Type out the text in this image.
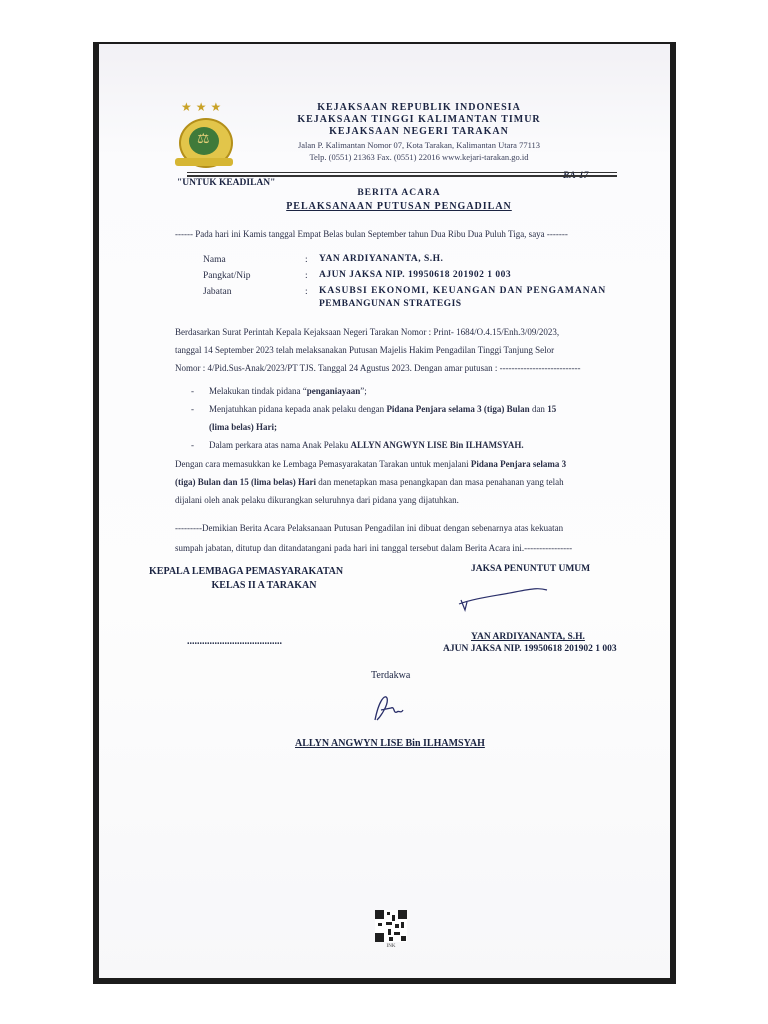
★★★
⚖
KEJAKSAAN REPUBLIK INDONESIA
KEJAKSAAN TINGGI KALIMANTAN TIMUR
KEJAKSAAN NEGERI TARAKAN
Jalan P. Kalimantan Nomor 07, Kota Tarakan, Kalimantan Utara 77113
Telp. (0551) 21363 Fax. (0551) 22016 www.kejari-tarakan.go.id
BA-17
"UNTUK KEADILAN"
BERITA ACARA
PELAKSANAAN PUTUSAN PENGADILAN
------ Pada hari ini Kamis tanggal Empat Belas bulan September tahun Dua Ribu Dua Puluh Tiga, saya -------
Nama	: YAN ARDIYANANTA, S.H.
Pangkat/Nip	: AJUN JAKSA NIP. 19950618 201902 1 003
Jabatan	: KASUBSI EKONOMI, KEUANGAN DAN PENGAMANAN
PEMBANGUNAN STRATEGIS
Berdasarkan Surat Perintah Kepala Kejaksaan Negeri Tarakan Nomor : Print- 1684/O.4.15/Enh.3/09/2023,
tanggal 14 September 2023 telah melaksanakan Putusan Majelis Hakim Pengadilan Tinggi Tanjung Selor
Nomor : 4/Pid.Sus-Anak/2023/PT TJS. Tanggal 24 Agustus 2023. Dengan amar putusan : ---------------------------
- Melakukan tindak pidana “penganiayaan”;
- Menjatuhkan pidana kepada anak pelaku dengan Pidana Penjara selama 3 (tiga) Bulan dan 15
(lima belas) Hari;
- Dalam perkara atas nama Anak Pelaku ALLYN ANGWYN LISE Bin ILHAMSYAH.
Dengan cara memasukkan ke Lembaga Pemasyarakatan Tarakan untuk menjalani Pidana Penjara selama 3
(tiga) Bulan dan 15 (lima belas) Hari dan menetapkan masa penangkapan dan masa penahanan yang telah
dijalani oleh anak pelaku dikurangkan seluruhnya dari pidana yang dijatuhkan.
---------Demikian Berita Acara Pelaksanaan Putusan Pengadilan ini dibuat dengan sebenarnya atas kekuatan
sumpah jabatan, ditutup dan ditandatangani pada hari ini tanggal tersebut dalam Berita Acara ini.----------------
KEPALA LEMBAGA PEMASYARAKATAN
KELAS II A TARAKAN
......................................
JAKSA PENUNTUT UMUM
YAN ARDIYANANTA, S.H.
AJUN JAKSA NIP. 19950618 201902 1 003
Terdakwa
ALLYN ANGWYN LISE Bin ILHAMSYAH
INK
